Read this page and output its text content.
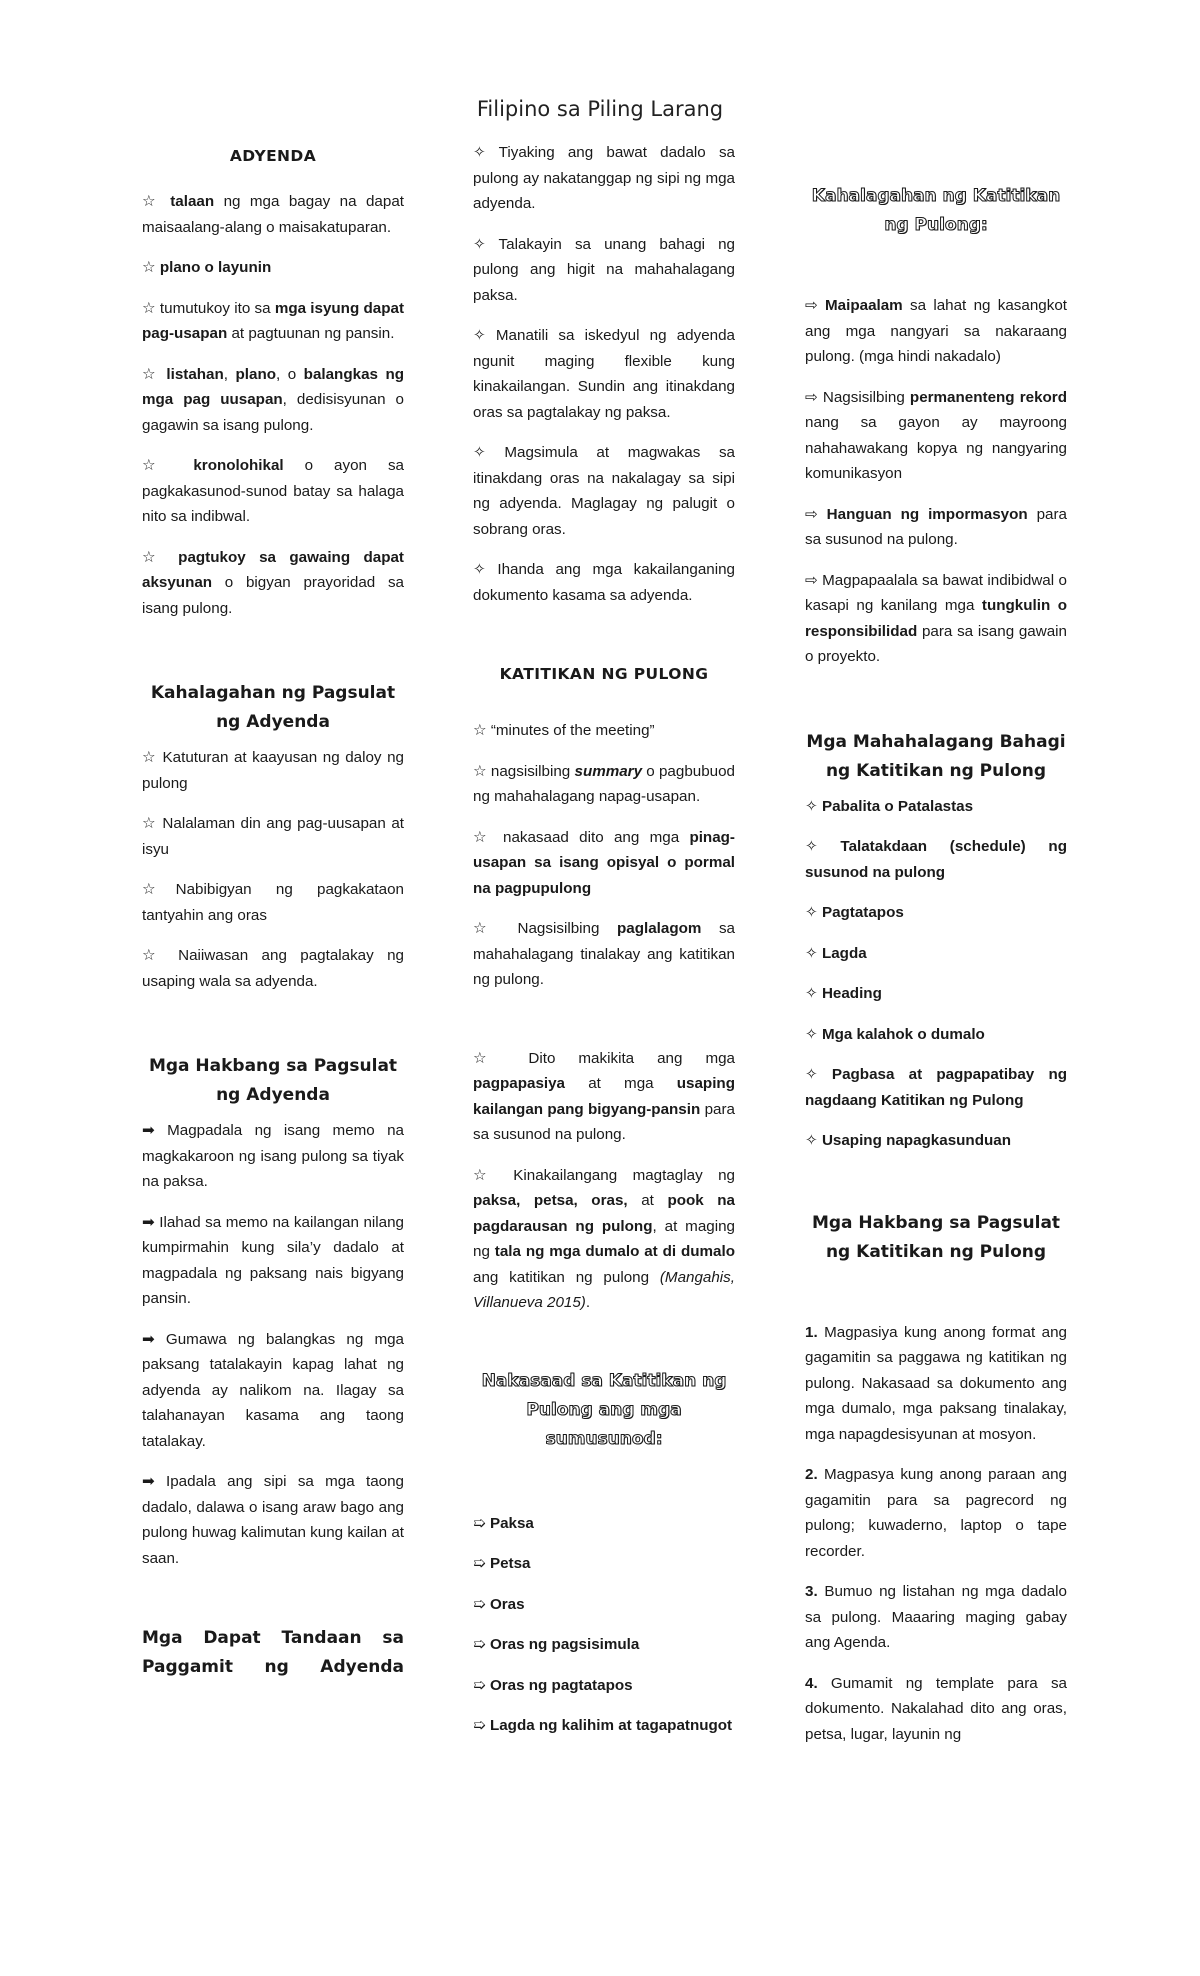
Filipino sa Piling Larang
ADYENDA

☆ talaan ng mga bagay na dapat maisaalang-alang o maisakatuparan.

☆ plano o layunin

☆ tumutukoy ito sa mga isyung dapat pag-usapan at pagtuunan ng pansin.

☆ listahan, plano, o balangkas ng mga pag uusapan, dedisisyunan o gagawin sa isang pulong.

☆ kronolohikal o ayon sa pagkakasunod-sunod batay sa halaga nito sa indibwal.

☆ pagtukoy sa gawaing dapat aksyunan o bigyan prayoridad sa isang pulong.

Kahalagahan ng Pagsulat ng Adyenda

☆ Katuturan at kaayusan ng daloy ng pulong

☆ Nalalaman din ang pag-uusapan at isyu

☆Nabibigyan ng pagkakataon tantyahin ang oras

☆ Naiiwasan ang pagtalakay ng usaping wala sa adyenda.

Mga Hakbang sa Pagsulat ng Adyenda

➡ Magpadala ng isang memo na magkakaroon ng isang pulong sa tiyak na paksa.

➡ Ilahad sa memo na kailangan nilang kumpirmahin kung sila’y dadalo at magpadala ng paksang nais bigyang pansin.

➡ Gumawa ng balangkas ng mga paksang tatalakayin kapag lahat ng adyenda ay nalikom na. Ilagay sa talahanayan kasama ang taong tatalakay.

➡ Ipadala ang sipi sa mga taong dadalo, dalawa o isang araw bago ang pulong huwag kalimutan kung kailan at saan.

Mga Dapat Tandaan sa Paggamit ng Adyenda

✧ Tiyaking ang bawat dadalo sa pulong ay nakatanggap ng sipi ng mga adyenda.

✧ Talakayin sa unang bahagi ng pulong ang higit na mahahalagang paksa.

✧ Manatili sa iskedyul ng adyenda ngunit maging flexible kung kinakailangan. Sundin ang itinakdang oras sa pagtalakay ng paksa.

✧ Magsimula at magwakas sa itinakdang oras na nakalagay sa sipi ng adyenda. Maglagay ng palugit o sobrang oras.

✧ Ihanda ang mga kakailanganing dokumento kasama sa adyenda.

KATITIKAN NG PULONG

☆ “minutes of the meeting”

☆ nagsisilbing summary o pagbubuod ng mahahalagang napag-usapan.

☆ nakasaad dito ang mga pinag-usapan sa isang opisyal o pormal na pagpupulong

☆ Nagsisilbing paglalagom sa mahahalagang tinalakay ang katitikan ng pulong.

☆ Dito makikita ang mga pagpapasiya at mga usaping kailangan pang bigyang-pansin para sa susunod na pulong.

☆ Kinakailangang magtaglay ng paksa, petsa, oras, at pook na pagdarausan ng pulong, at maging ng tala ng mga dumalo at di dumalo ang katitikan ng pulong (Mangahis, Villanueva 2015).

Nakasaad sa Katitikan ng Pulong ang mga sumusunod:

➯ Paksa

➯ Petsa

➯ Oras

➯ Oras ng pagsisimula

➯ Oras ng pagtatapos

➯ Lagda ng kalihim at tagapatnugot

Kahalagahan ng Katitikan ng Pulong:

⇨ Maipaalam sa lahat ng kasangkot ang mga nangyari sa nakaraang pulong. (mga hindi nakadalo)

⇨ Nagsisilbing permanenteng rekord nang sa gayon ay mayroong nahahawakang kopya ng nangyaring komunikasyon

⇨ Hanguan ng impormasyon para sa susunod na pulong.

⇨ Magpapaalala sa bawat indibidwal o kasapi ng kanilang mga tungkulin o responsibilidad para sa isang gawain o proyekto.

Mga Mahahalagang Bahagi ng Katitikan ng Pulong

✧ Pabalita o Patalastas

✧ Talatakdaan (schedule) ng susunod na pulong

✧ Pagtatapos

✧ Lagda

✧ Heading

✧ Mga kalahok o dumalo

✧ Pagbasa at pagpapatibay ng nagdaang Katitikan ng Pulong

✧ Usaping napagkasunduan

Mga Hakbang sa Pagsulat ng Katitikan ng Pulong

1. Magpasiya kung anong format ang gagamitin sa paggawa ng katitikan ng pulong. Nakasaad sa dokumento ang mga dumalo, mga paksang tinalakay, mga napagdesisyunan at mosyon.

2. Magpasya kung anong paraan ang gagamitin para sa pagrecord ng pulong; kuwaderno, laptop o tape recorder.

3. Bumuo ng listahan ng mga dadalo sa pulong. Maaaring maging gabay ang Agenda.

4. Gumamit ng template para sa dokumento. Nakalahad dito ang oras, petsa, lugar, layunin ng
